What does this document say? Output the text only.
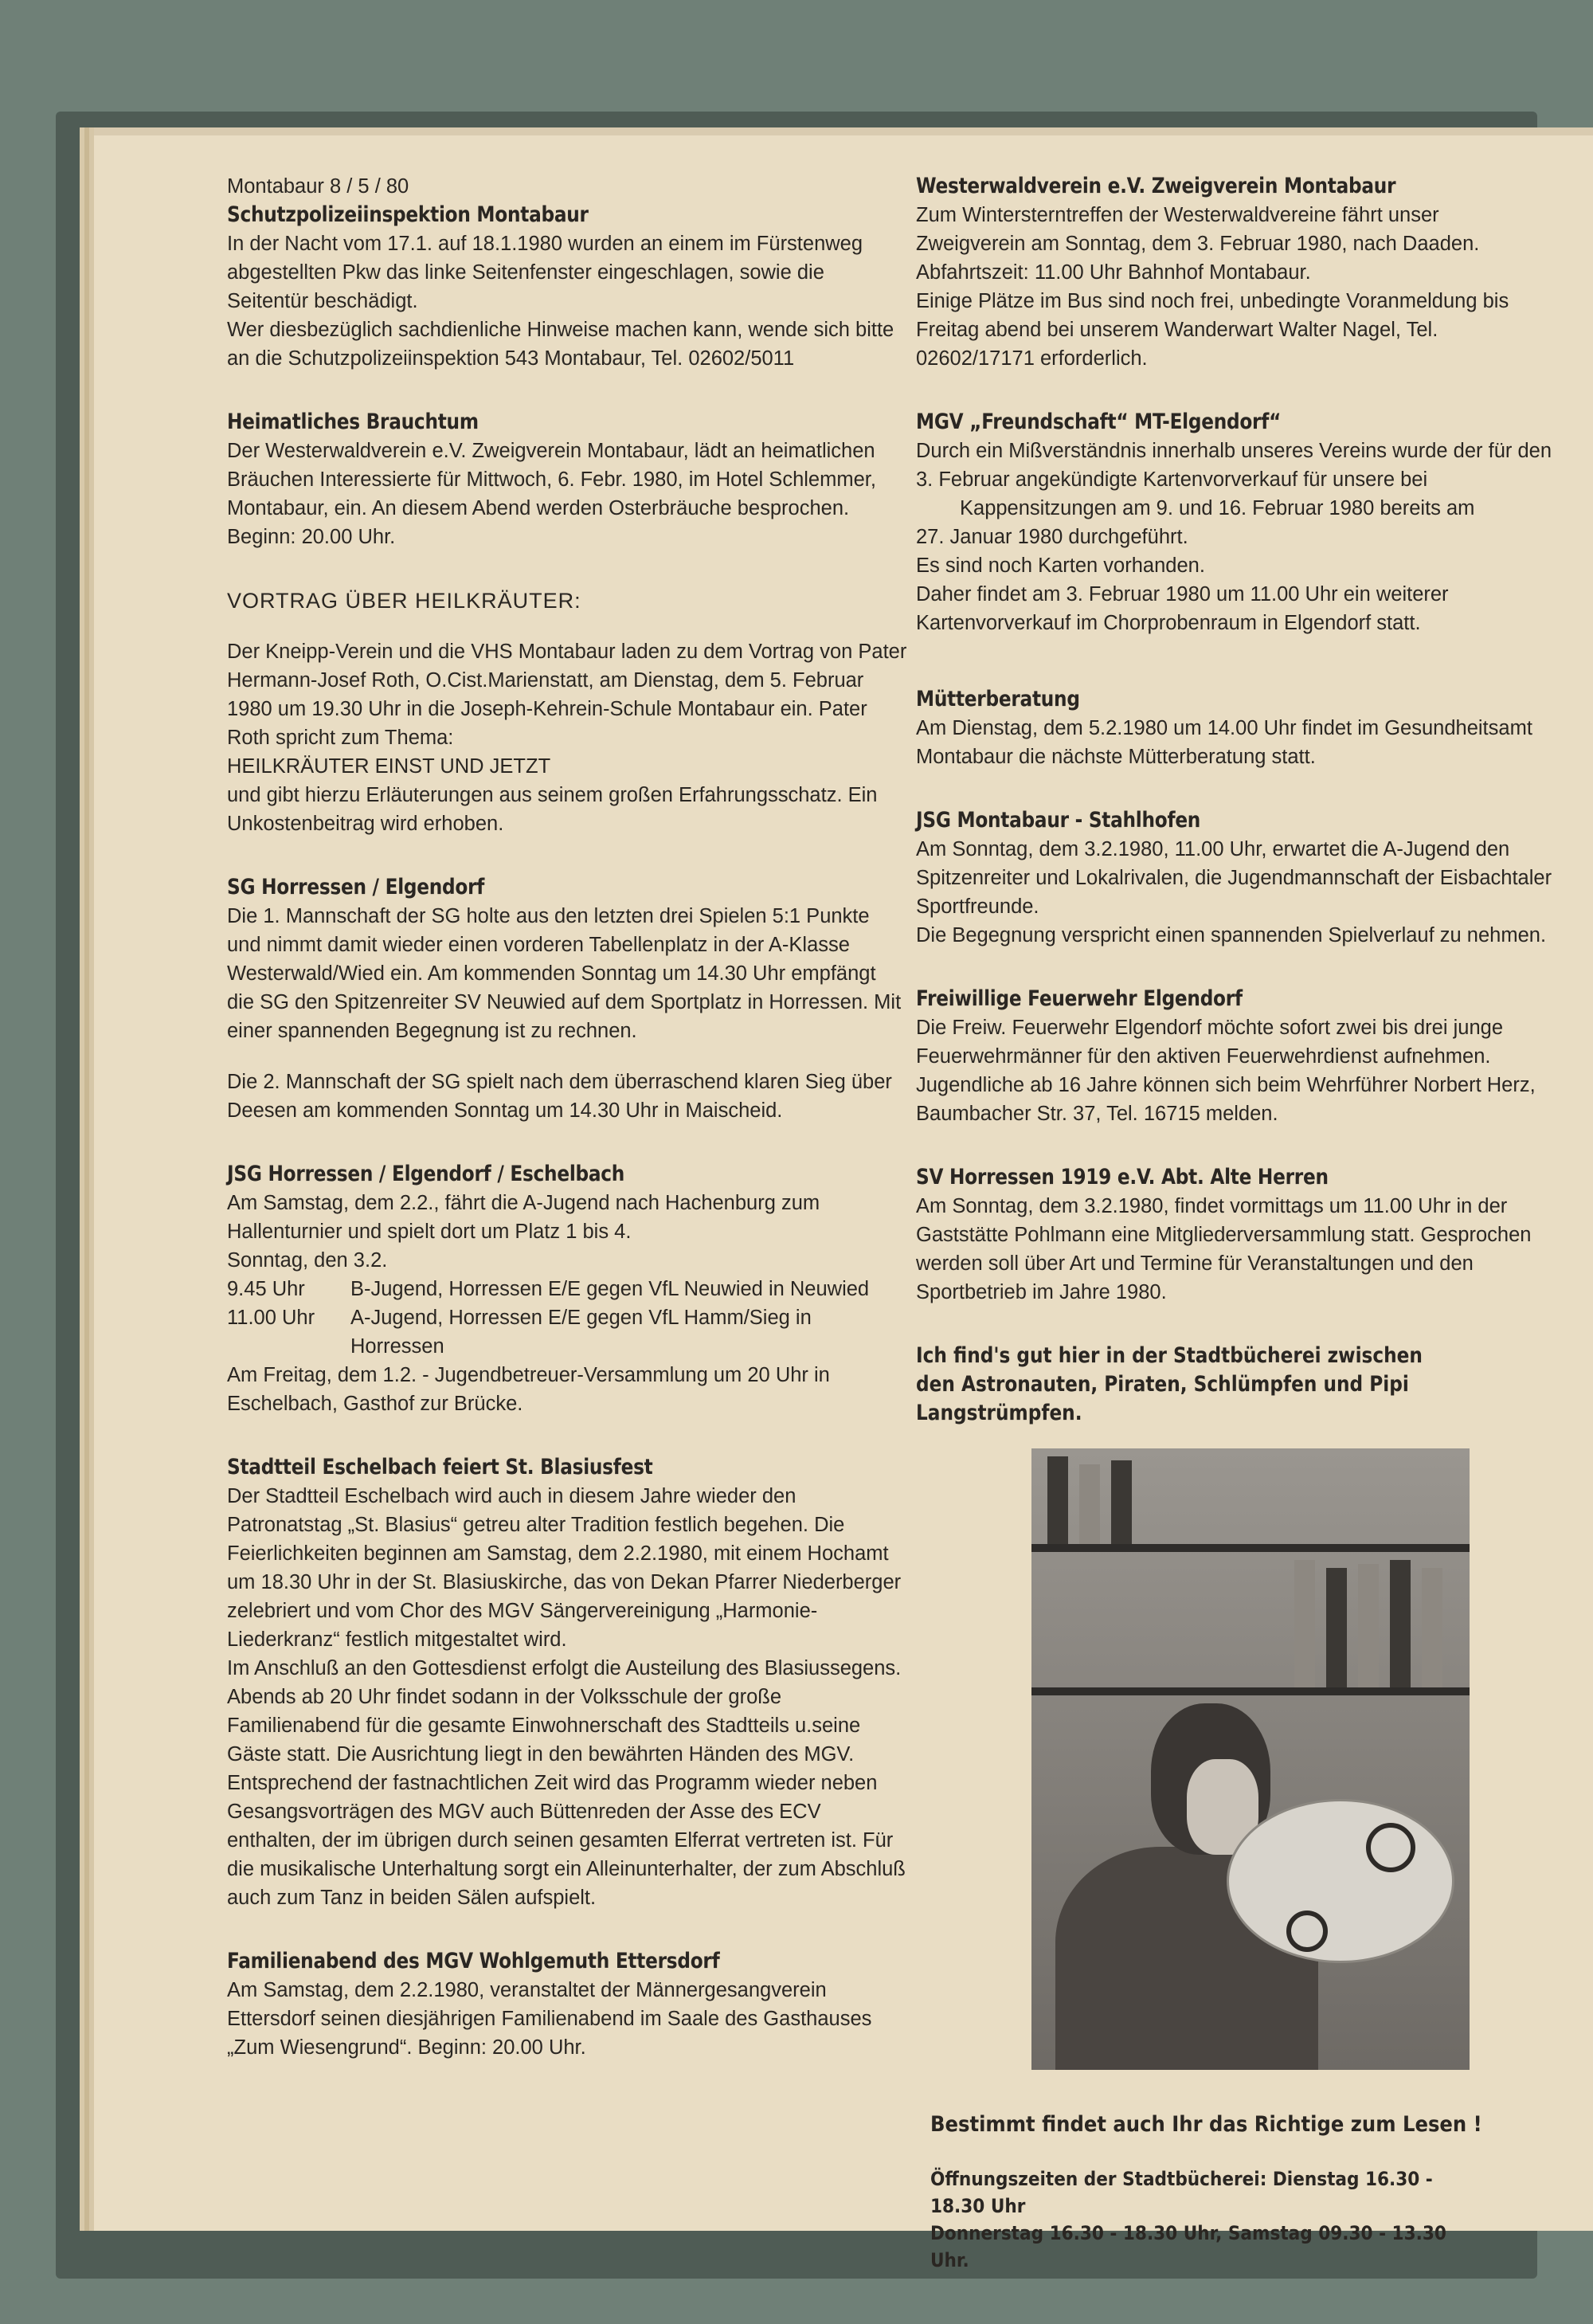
Montabaur 8 / 5 / 80

Schutzpolizeiinspektion Montabaur

In der Nacht vom 17.1. auf 18.1.1980 wurden an einem im Fürstenweg abgestellten Pkw das linke Seitenfenster eingeschlagen, sowie die Seitentür beschädigt.
Wer diesbezüglich sachdienliche Hinweise machen kann, wende sich bitte an die Schutzpolizeiinspektion 543 Montabaur, Tel. 02602/5011

Heimatliches Brauchtum

Der Westerwaldverein e.V. Zweigverein Montabaur, lädt an heimatlichen Bräuchen Interessierte für Mittwoch, 6. Febr. 1980, im Hotel Schlemmer, Montabaur, ein. An diesem Abend werden Osterbräuche besprochen. Beginn: 20.00 Uhr.

VORTRAG ÜBER HEILKRÄUTER:

Der Kneipp-Verein und die VHS Montabaur laden zu dem Vortrag von Pater Hermann-Josef Roth, O.Cist.Marienstatt, am Dienstag, dem 5. Februar 1980 um 19.30 Uhr in die Joseph-Kehrein-Schule Montabaur ein. Pater Roth spricht zum Thema:
HEILKRÄUTER EINST UND JETZT
und gibt hierzu Erläuterungen aus seinem großen Erfahrungsschatz. Ein Unkostenbeitrag wird erhoben.

SG Horressen / Elgendorf

Die 1. Mannschaft der SG holte aus den letzten drei Spielen 5:1 Punkte und nimmt damit wieder einen vorderen Tabellenplatz in der A-Klasse Westerwald/Wied ein. Am kommenden Sonntag um 14.30 Uhr empfängt die SG den Spitzenreiter SV Neuwied auf dem Sportplatz in Horressen. Mit einer spannenden Begegnung ist zu rechnen.

Die 2. Mannschaft der SG spielt nach dem überraschend klaren Sieg über Deesen am kommenden Sonntag um 14.30 Uhr in Maischeid.

JSG Horressen / Elgendorf / Eschelbach

Am Samstag, dem 2.2., fährt die A-Jugend nach Hachenburg zum Hallenturnier und spielt dort um Platz 1 bis 4.
Sonntag, den 3.2.

9.45 Uhr	B-Jugend, Horressen E/E gegen VfL Neuwied in Neuwied
11.00 Uhr	A-Jugend, Horressen E/E gegen VfL Hamm/Sieg in Horressen

Am Freitag, dem 1.2. - Jugendbetreuer-Versammlung um 20 Uhr in Eschelbach, Gasthof zur Brücke.

Stadtteil Eschelbach feiert St. Blasiusfest

Der Stadtteil Eschelbach wird auch in diesem Jahre wieder den Patronatstag „St. Blasius“ getreu alter Tradition festlich begehen. Die Feierlichkeiten beginnen am Samstag, dem 2.2.1980, mit einem Hochamt um 18.30 Uhr in der St. Blasiuskirche, das von Dekan Pfarrer Niederberger zelebriert und vom Chor des MGV Sängervereinigung „Harmonie-Liederkranz“ festlich mitgestaltet wird.
Im Anschluß an den Gottesdienst erfolgt die Austeilung des Blasiussegens.
Abends ab 20 Uhr findet sodann in der Volksschule der große Familienabend für die gesamte Einwohnerschaft des Stadtteils u.seine Gäste statt. Die Ausrichtung liegt in den bewährten Händen des MGV.
Entsprechend der fastnachtlichen Zeit wird das Programm wieder neben Gesangsvorträgen des MGV auch Büttenreden der Asse des ECV enthalten, der im übrigen durch seinen gesamten Elferrat vertreten ist. Für die musikalische Unterhaltung sorgt ein Alleinunterhalter, der zum Abschluß auch zum Tanz in beiden Sälen aufspielt.

Familienabend des MGV Wohlgemuth Ettersdorf

Am Samstag, dem 2.2.1980, veranstaltet der Männergesangverein Ettersdorf seinen diesjährigen Familienabend im Saale des Gasthauses „Zum Wiesengrund“. Beginn: 20.00 Uhr.

Westerwaldverein e.V. Zweigverein Montabaur

Zum Wintersterntreffen der Westerwaldvereine fährt unser Zweigverein am Sonntag, dem 3. Februar 1980, nach Daaden.
Abfahrtszeit: 11.00 Uhr Bahnhof Montabaur.
Einige Plätze im Bus sind noch frei, unbedingte Voranmeldung bis Freitag abend bei unserem Wanderwart Walter Nagel, Tel. 02602/17171 erforderlich.

MGV „Freundschaft“ MT-Elgendorf“

Durch ein Mißverständnis innerhalb unseres Vereins wurde der für den 3. Februar angekündigte Kartenvorverkauf für unsere bei

Kappensitzungen am 9. und 16. Februar 1980 bereits am

27. Januar 1980 durchgeführt.
Es sind noch Karten vorhanden.
Daher findet am 3. Februar 1980 um 11.00 Uhr ein weiterer Kartenvorverkauf im Chorprobenraum in Elgendorf statt.

Mütterberatung

Am Dienstag, dem 5.2.1980 um 14.00 Uhr findet im Gesundheitsamt Montabaur die nächste Mütterberatung statt.

JSG Montabaur - Stahlhofen

Am Sonntag, dem 3.2.1980, 11.00 Uhr, erwartet die A-Jugend den Spitzenreiter und Lokalrivalen, die Jugendmannschaft der Eisbachtaler Sportfreunde.
Die Begegnung verspricht einen spannenden Spielverlauf zu nehmen.

Freiwillige Feuerwehr Elgendorf

Die Freiw. Feuerwehr Elgendorf möchte sofort zwei bis drei junge Feuerwehrmänner für den aktiven Feuerwehrdienst aufnehmen. Jugendliche ab 16 Jahre können sich beim Wehrführer Norbert Herz, Baumbacher Str. 37, Tel. 16715 melden.

SV Horressen 1919 e.V. Abt. Alte Herren

Am Sonntag, dem 3.2.1980, findet vormittags um 11.00 Uhr in der Gaststätte Pohlmann eine Mitgliederversammlung statt. Gesprochen werden soll über Art und Termine für Veranstaltungen und den Sportbetrieb im Jahre 1980.

Ich find's gut hier in der Stadtbücherei zwischen den Astronauten, Piraten, Schlümpfen und Pipi Langstrümpfen.

Bestimmt findet auch Ihr das Richtige zum Lesen !

Öffnungszeiten der Stadtbücherei: Dienstag 16.30 - 18.30 Uhr
Donnerstag 16.30 - 18.30 Uhr, Samstag 09.30 - 13.30 Uhr.
